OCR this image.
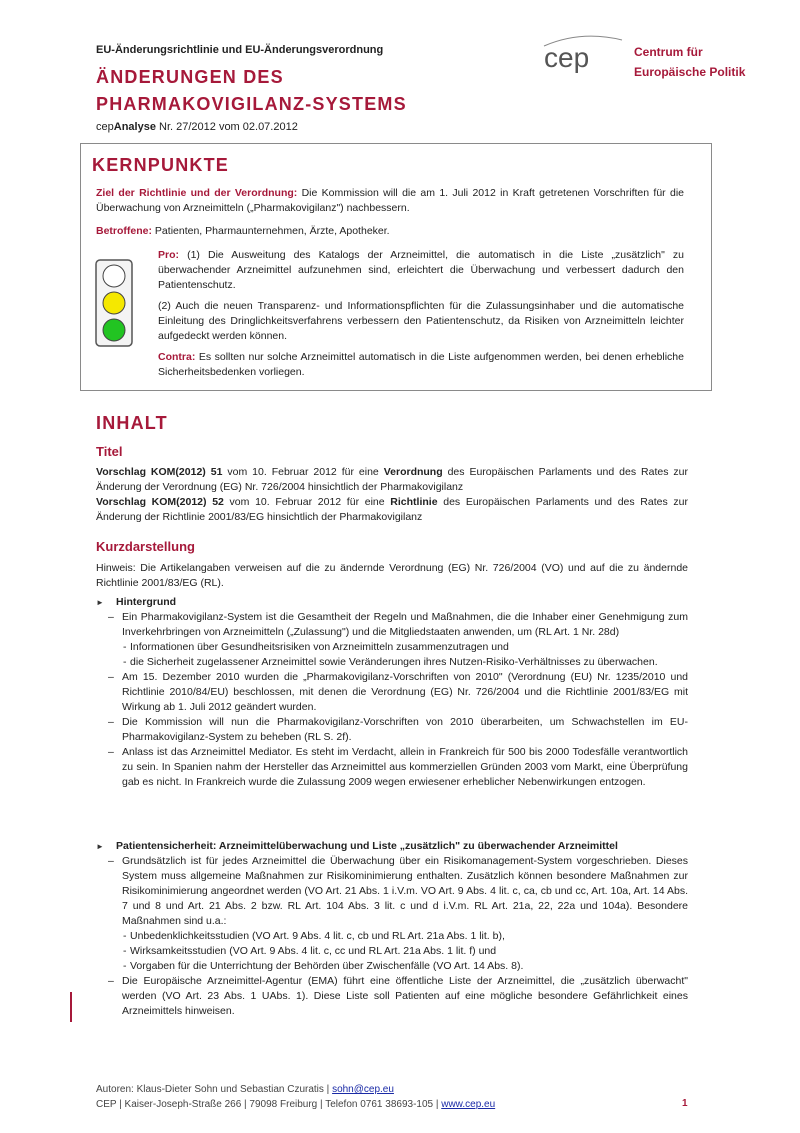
EU-Änderungsrichtlinie und EU-Änderungsverordnung
ÄNDERUNGEN DES
PHARMAKOVIGILANZ-SYSTEMS
cepAnalyse Nr. 27/2012 vom 02.07.2012
cep	Centrum für
Europäische Politik
KERNPUNKTE
Ziel der Richtlinie und der Verordnung: Die Kommission will die am 1. Juli 2012 in Kraft getretenen Vorschriften für die Überwachung von Arzneimitteln („Pharmakovigilanz") nachbessern.
Betroffene: Patienten, Pharmaunternehmen, Ärzte, Apotheker.
Pro: (1) Die Ausweitung des Katalogs der Arzneimittel, die automatisch in die Liste „zusätzlich" zu überwachender Arzneimittel aufzunehmen sind, erleichtert die Überwachung und verbessert dadurch den Patientenschutz.
(2) Auch die neuen Transparenz- und Informationspflichten für die Zulassungsinhaber und die automatische Einleitung des Dringlichkeitsverfahrens verbessern den Patientenschutz, da Risiken von Arzneimitteln leichter aufgedeckt werden können.
Contra: Es sollten nur solche Arzneimittel automatisch in die Liste aufgenommen werden, bei denen erhebliche Sicherheitsbedenken vorliegen.
INHALT
Titel
Vorschlag KOM(2012) 51 vom 10. Februar 2012 für eine Verordnung des Europäischen Parlaments und des Rates zur Änderung der Verordnung (EG) Nr. 726/2004 hinsichtlich der Pharmakovigilanz
Vorschlag KOM(2012) 52 vom 10. Februar 2012 für eine Richtlinie des Europäischen Parlaments und des Rates zur Änderung der Richtlinie 2001/83/EG hinsichtlich der Pharmakovigilanz
Kurzdarstellung
Hinweis: Die Artikelangaben verweisen auf die zu ändernde Verordnung (EG) Nr. 726/2004 (VO) und auf die zu ändernde Richtlinie 2001/83/EG (RL).
► Hintergrund
– Ein Pharmakovigilanz-System ist die Gesamtheit der Regeln und Maßnahmen, die die Inhaber einer Genehmigung zum Inverkehrbringen von Arzneimitteln („Zulassung") und die Mitgliedstaaten anwenden, um (RL Art. 1 Nr. 28d)
- Informationen über Gesundheitsrisiken von Arzneimitteln zusammenzutragen und
- die Sicherheit zugelassener Arzneimittel sowie Veränderungen ihres Nutzen-Risiko-Verhältnisses zu überwachen.
– Am 15. Dezember 2010 wurden die „Pharmakovigilanz-Vorschriften von 2010" (Verordnung (EU) Nr. 1235/2010 und Richtlinie 2010/84/EU) beschlossen, mit denen die Verordnung (EG) Nr. 726/2004 und die Richtlinie 2001/83/EG mit Wirkung ab 1. Juli 2012 geändert wurden.
– Die Kommission will nun die Pharmakovigilanz-Vorschriften von 2010 überarbeiten, um Schwachstellen im EU-Pharmakovigilanz-System zu beheben (RL S. 2f).
– Anlass ist das Arzneimittel Mediator. Es steht im Verdacht, allein in Frankreich für 500 bis 2000 Todesfälle verantwortlich zu sein. In Spanien nahm der Hersteller das Arzneimittel aus kommerziellen Gründen 2003 vom Markt, eine Überprüfung gab es nicht. In Frankreich wurde die Zulassung 2009 wegen erwiesener erheblicher Nebenwirkungen entzogen.
► Patientensicherheit: Arzneimittelüberwachung und Liste „zusätzlich" zu überwachender Arzneimittel
– Grundsätzlich ist für jedes Arzneimittel die Überwachung über ein Risikomanagement-System vorgeschrieben. Dieses System muss allgemeine Maßnahmen zur Risikominimierung enthalten. Zusätzlich können besondere Maßnahmen zur Risikominimierung angeordnet werden (VO Art. 21 Abs. 1 i.V.m. VO Art. 9 Abs. 4 lit. c, ca, cb und cc, Art. 10a, Art. 14 Abs. 7 und 8 und Art. 21 Abs. 2 bzw. RL Art. 104 Abs. 3 lit. c und d i.V.m. RL Art. 21a, 22, 22a und 104a). Besondere Maßnahmen sind u.a.:
- Unbedenklichkeitsstudien (VO Art. 9 Abs. 4 lit. c, cb und RL Art. 21a Abs. 1 lit. b),
- Wirksamkeitsstudien (VO Art. 9 Abs. 4 lit. c, cc und RL Art. 21a Abs. 1 lit. f) und
- Vorgaben für die Unterrichtung der Behörden über Zwischenfälle (VO Art. 14 Abs. 8).
– Die Europäische Arzneimittel-Agentur (EMA) führt eine öffentliche Liste der Arzneimittel, die „zusätzlich überwacht" werden (VO Art. 23 Abs. 1 UAbs. 1). Diese Liste soll Patienten auf eine mögliche besondere Gefährlichkeit eines Arzneimittels hinweisen.
Autoren: Klaus-Dieter Sohn und Sebastian Czuratis | sohn@cep.eu
CEP | Kaiser-Joseph-Straße 266 | 79098 Freiburg | Telefon 0761 38693-105 | www.cep.eu	1
